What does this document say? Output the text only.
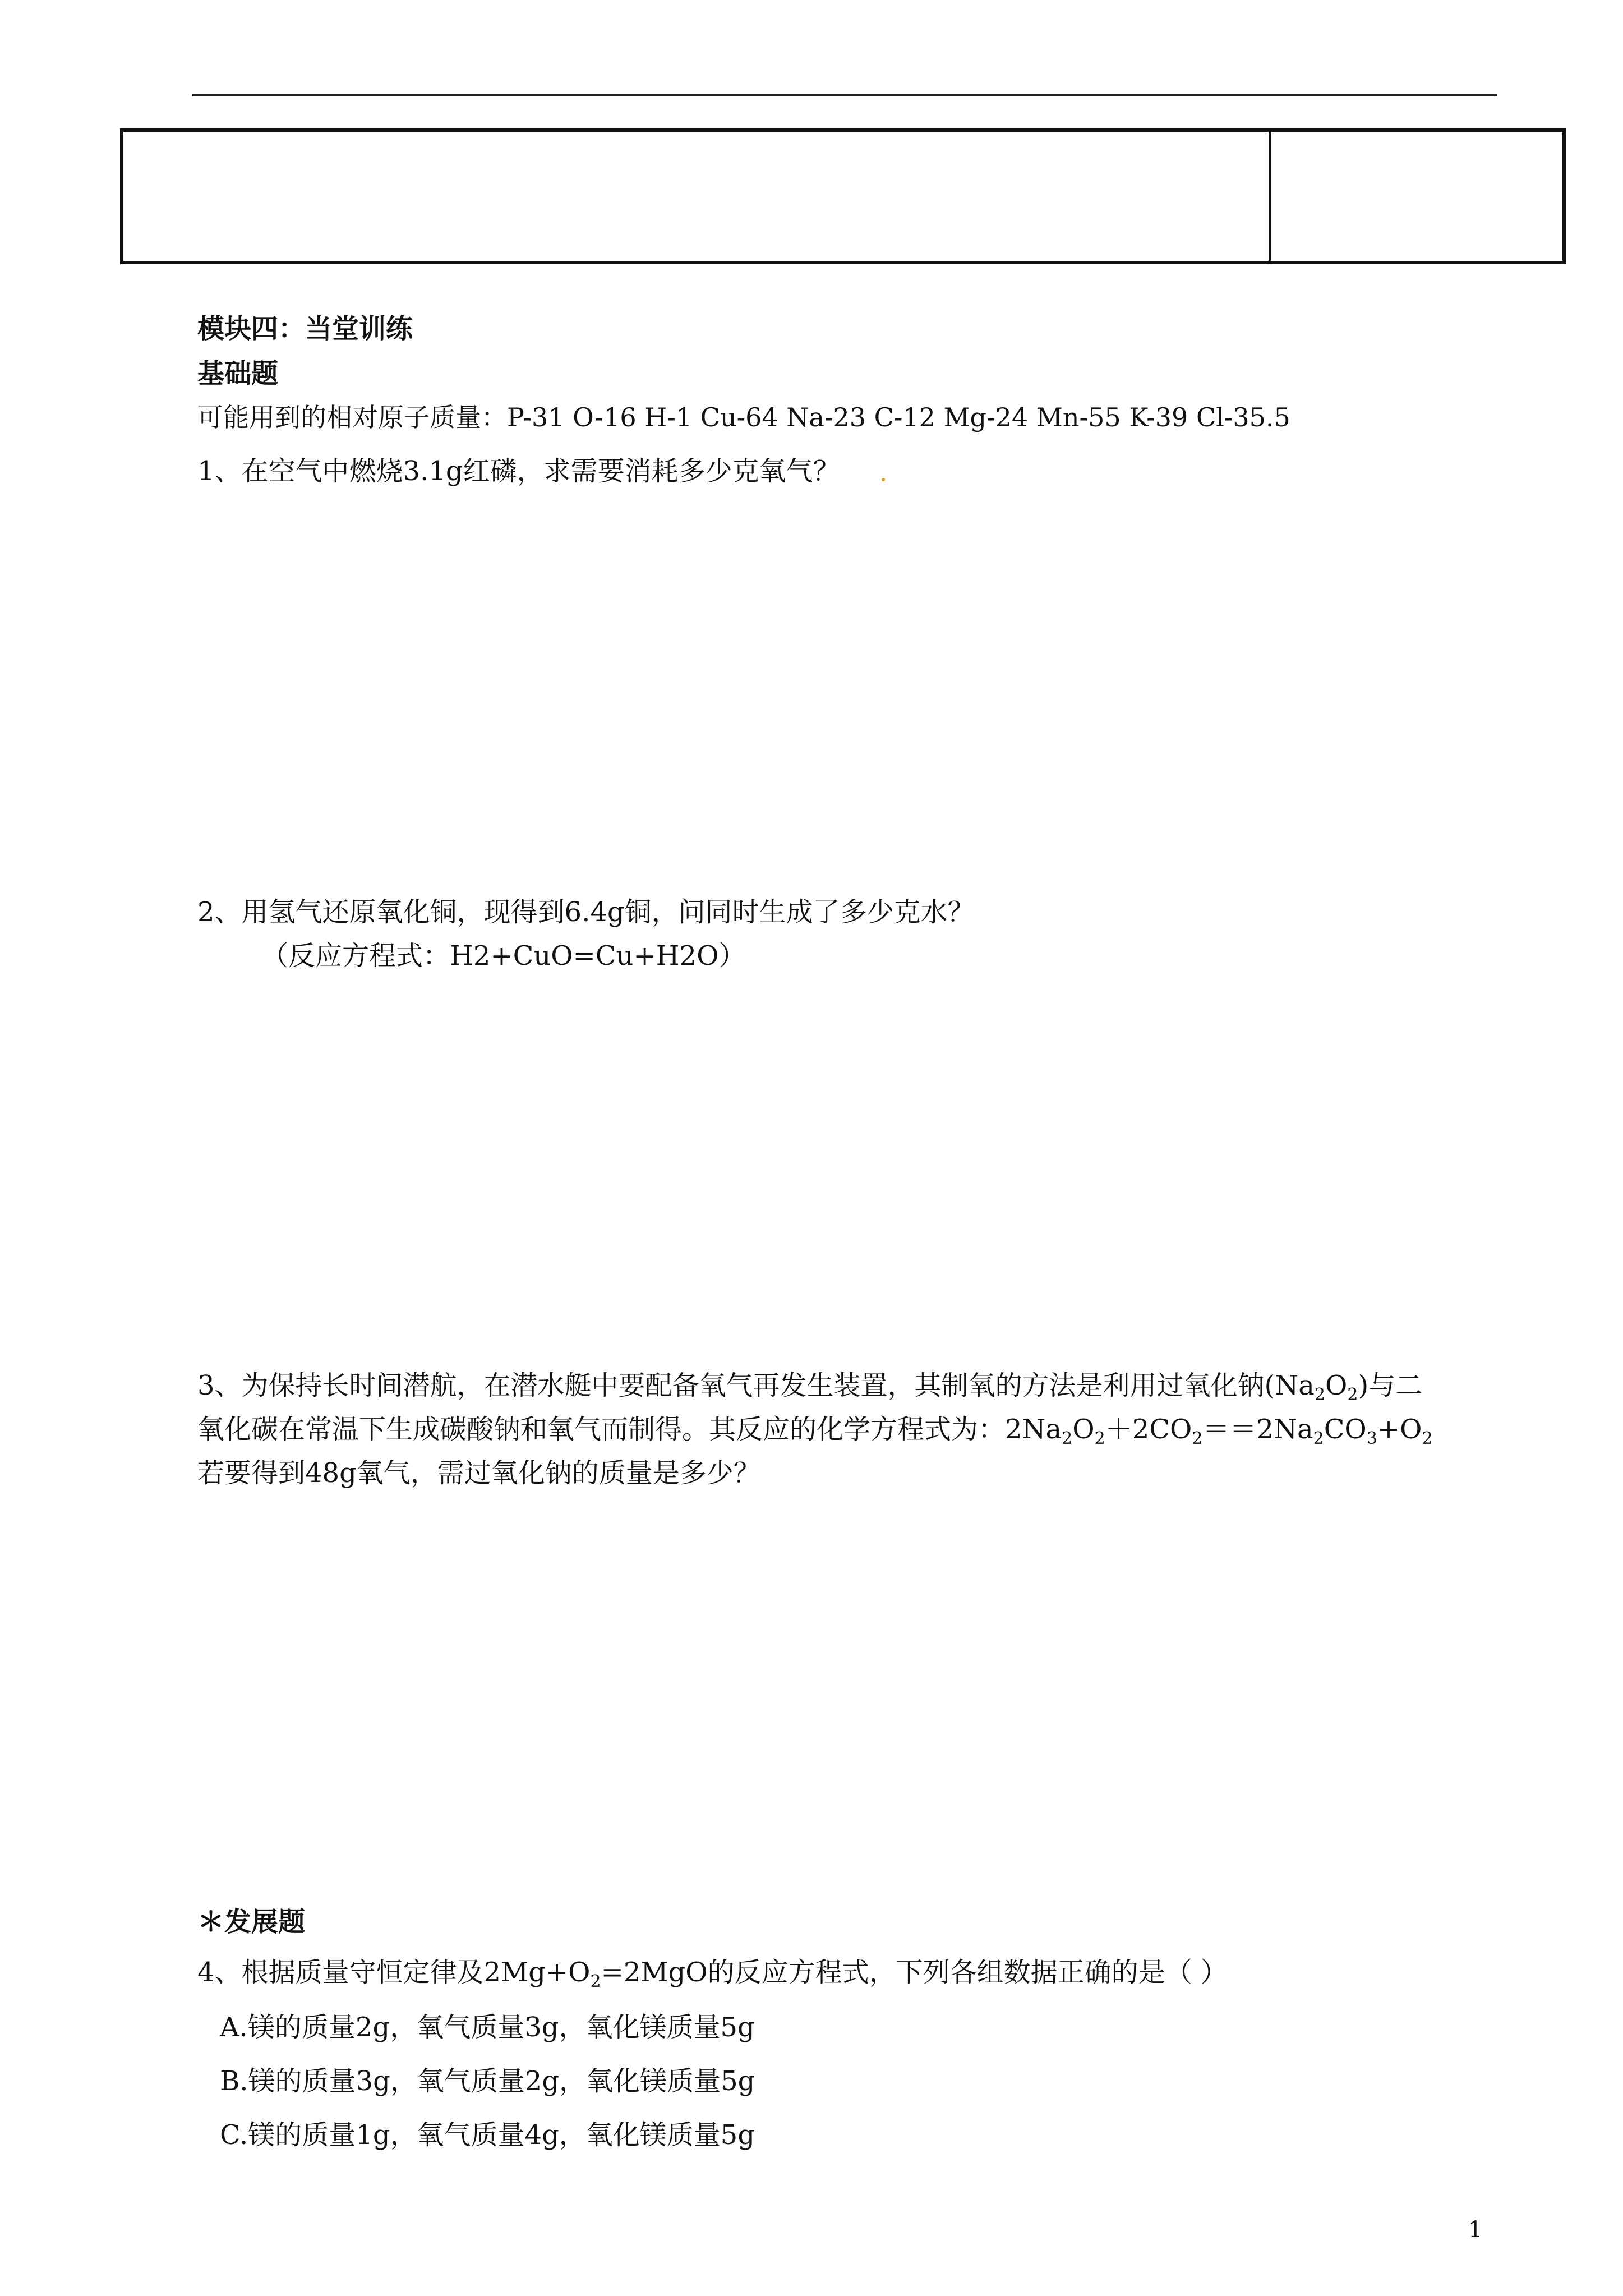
模块四：当堂训练
基础题
可能用到的相对原子质量：P-31 O-16 H-1 Cu-64 Na-23 C-12 Mg-24 Mn-55 K-39 Cl-35.5
1、在空气中燃烧3.1g红磷，求需要消耗多少克氧气？
2、用氢气还原氧化铜，现得到6.4g铜，问同时生成了多少克水？
（反应方程式：H2+CuO=Cu+H2O）
3、为保持长时间潜航，在潜水艇中要配备氧气再发生装置，其制氧的方法是利用过氧化钠$(Na_2O_2)$与二
氧化碳在常温下生成碳酸钠和氧气而制得。其反应的化学方程式为：$2Na_2O_2+2CO_2==2Na_2CO_3+O_2$
若要得到48g氧气，需过氧化钠的质量是多少？
＊发展题
4、根据质量守恒定律及$2Mg+O_2=2MgO$的反应方程式，下列各组数据正确的是（ ）
A.镁的质量2g，氧气质量3g，氧化镁质量5g
B.镁的质量3g，氧气质量2g，氧化镁质量5g
C.镁的质量1g，氧气质量4g，氧化镁质量5g
1
